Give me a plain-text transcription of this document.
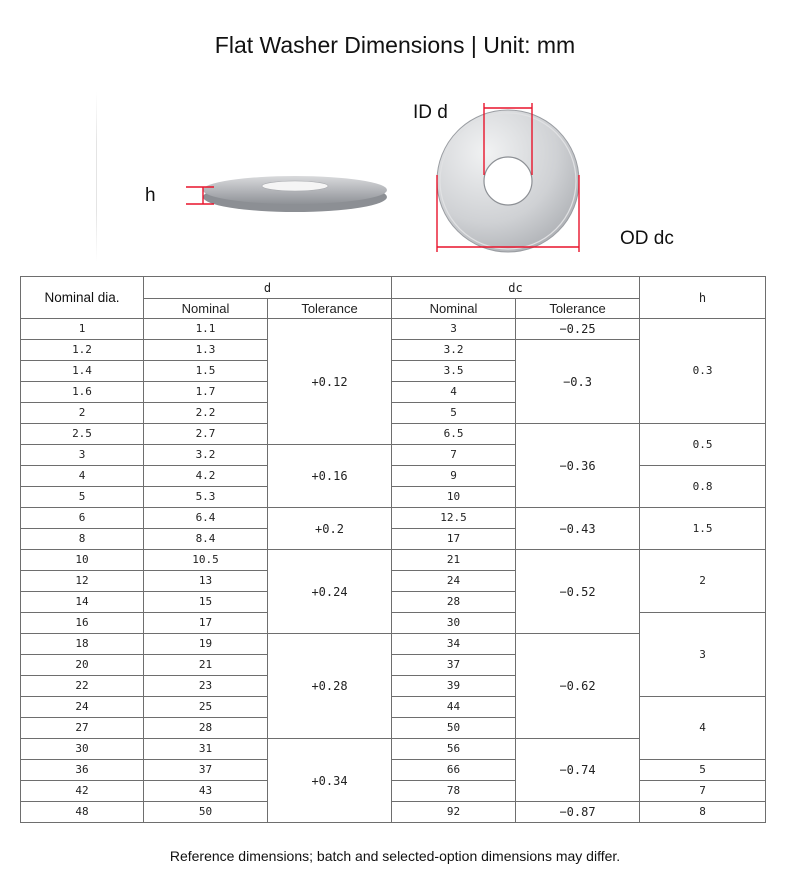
Flat Washer Dimensions | Unit: mm
h
ID d
OD dc
Nominal dia.	d		dc		h
	Nominal	Tolerance	Nominal	Tolerance	
1	1.1	+0.12	3	−0.25	0.3
1.2	1.3		3.2	−0.3	
1.4	1.5		3.5		
1.6	1.7		4		
2	2.2		5		
2.5	2.7		6.5	−0.36	0.5
3	3.2	+0.16	7		
4	4.2		9		0.8
5	5.3		10		
6	6.4	+0.2	12.5	−0.43	1.5
8	8.4		17		
10	10.5	+0.24	21	−0.52	2
12	13		24		
14	15		28		
16	17		30		3
18	19	+0.28	34	−0.62	
20	21		37		
22	23		39		
24	25		44		4
27	28		50		
30	31	+0.34	56	−0.74	
36	37		66		5
42	43		78		7
48	50		92	−0.87	8
Reference dimensions; batch and selected-option dimensions may differ.
